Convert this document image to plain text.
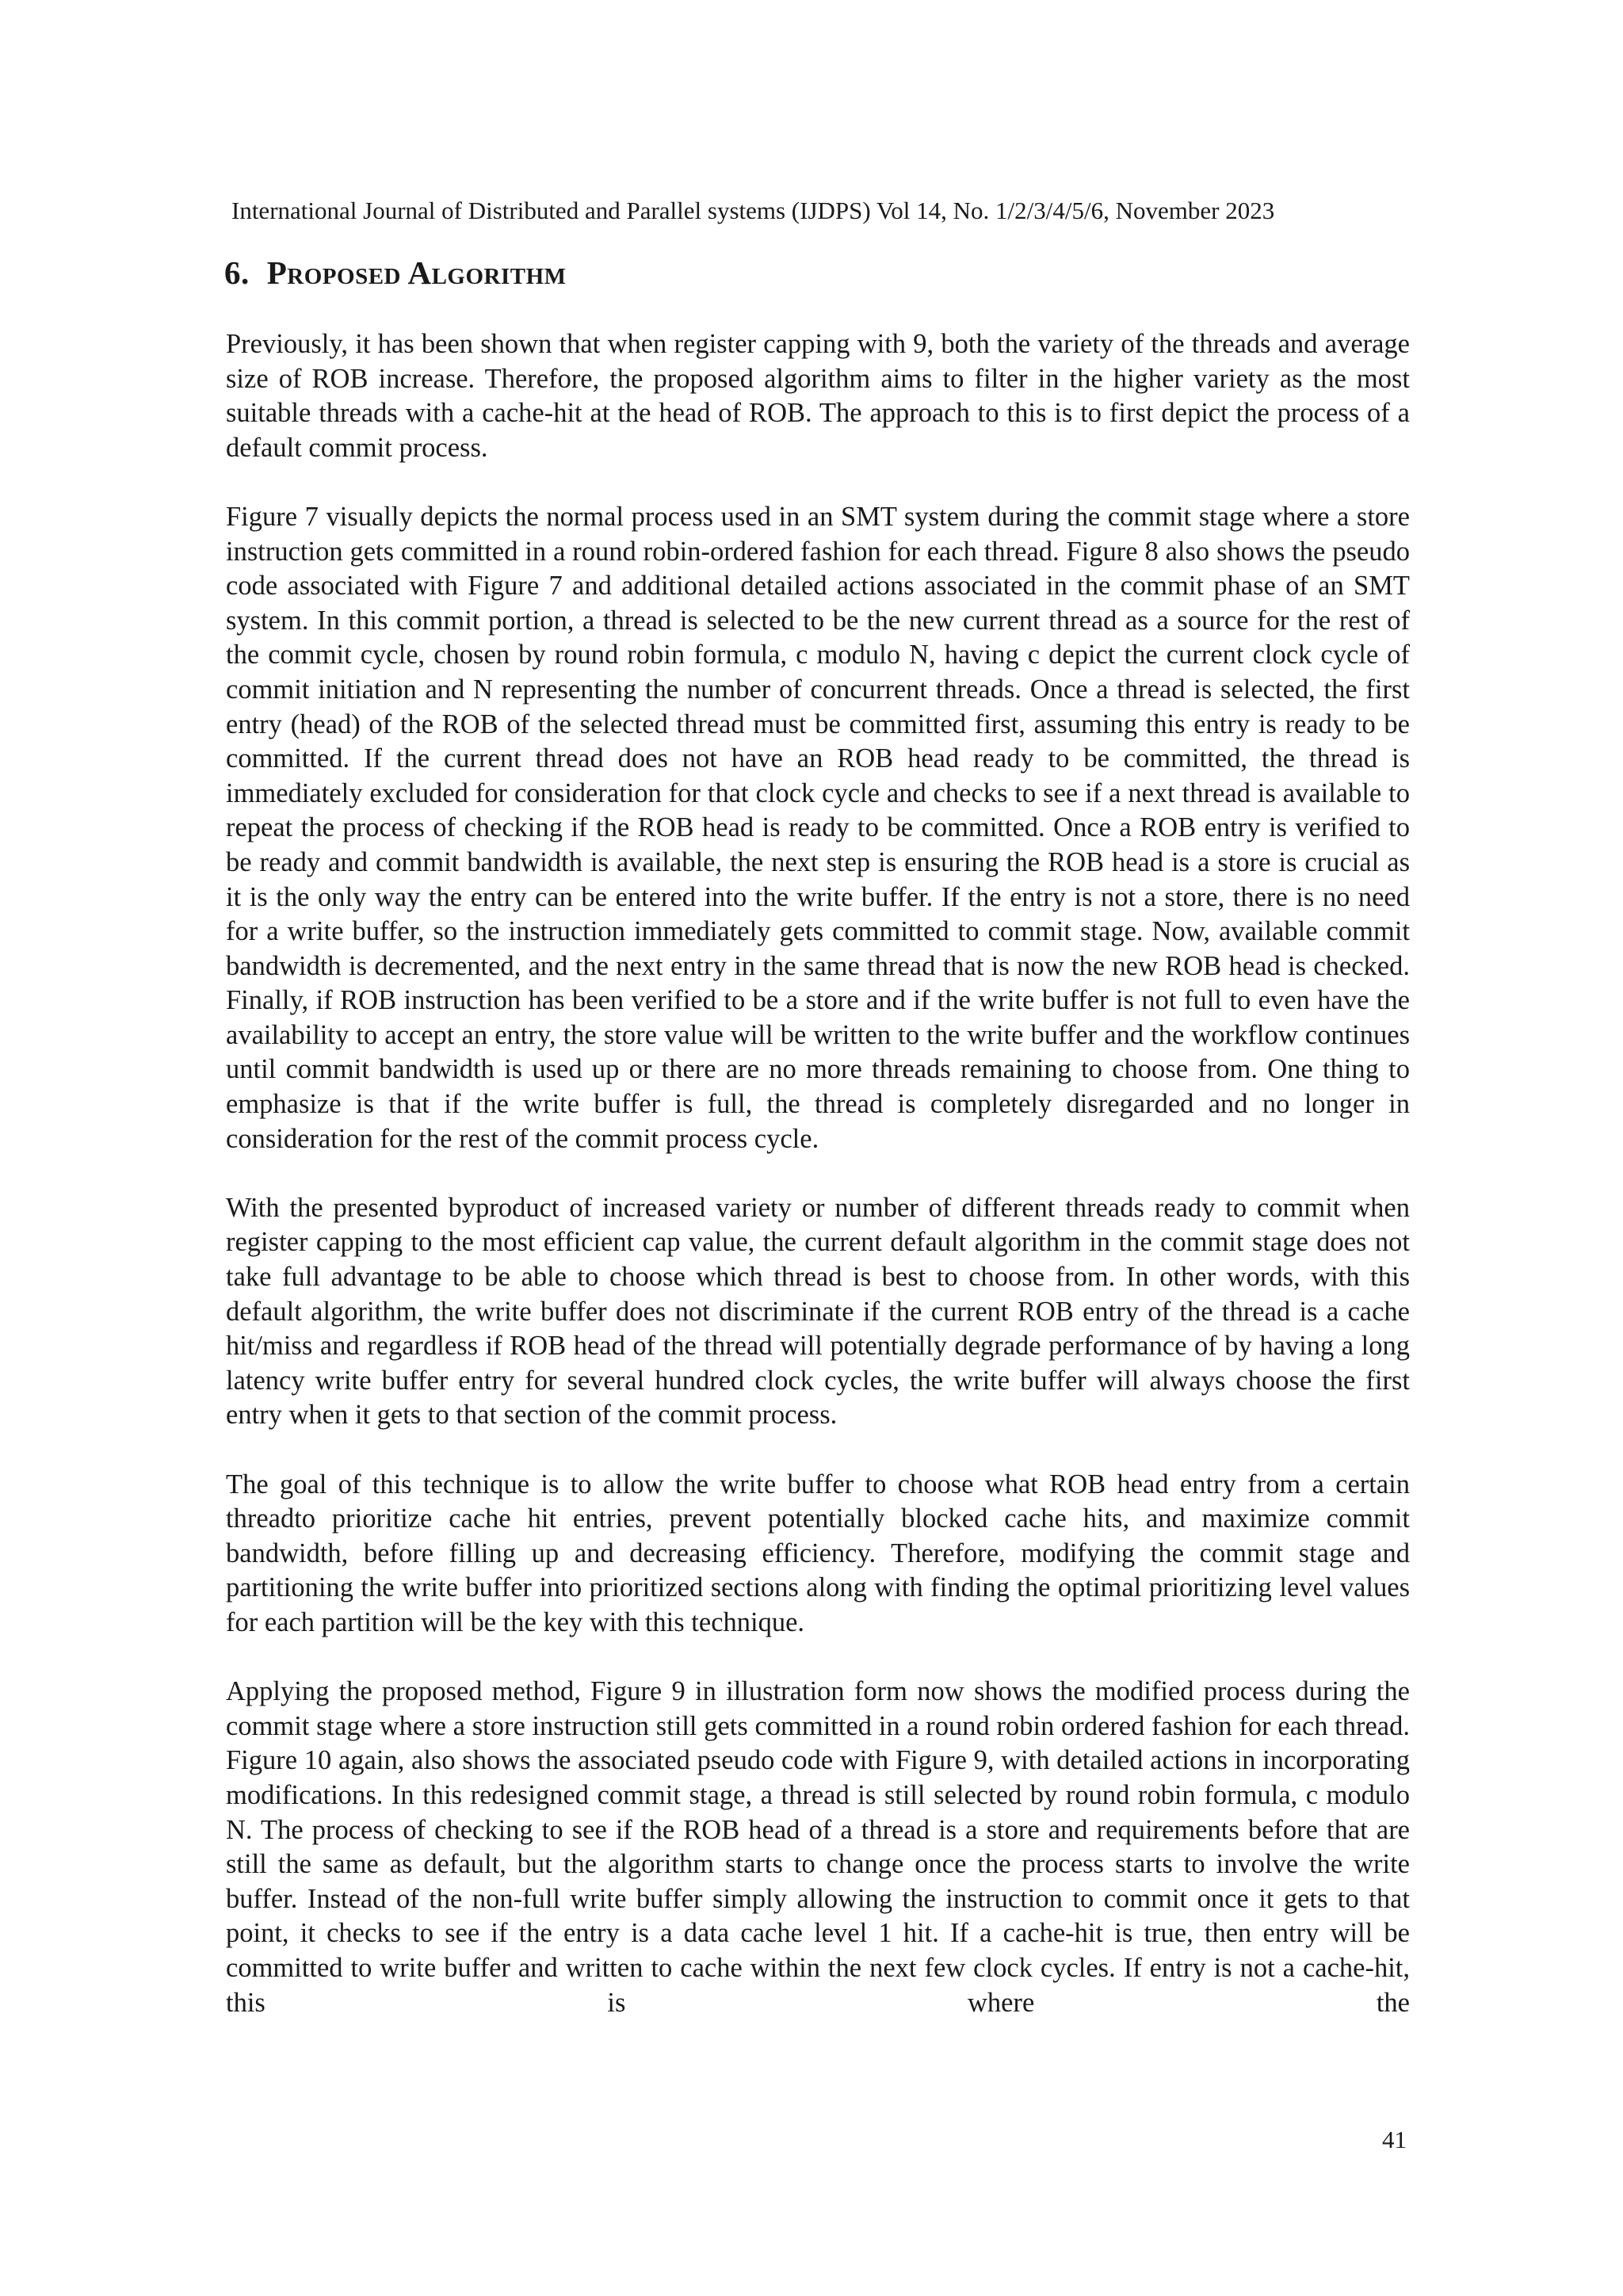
International Journal of Distributed and Parallel systems (IJDPS) Vol 14, No. 1/2/3/4/5/6, November 2023
6. Proposed Algorithm

Previously, it has been shown that when register capping with 9, both the variety of the threads and average size of ROB increase. Therefore, the proposed algorithm aims to filter in the higher variety as the most suitable threads with a cache-hit at the head of ROB. The approach to this is to first depict the process of a default commit process.

Figure 7 visually depicts the normal process used in an SMT system during the commit stage where a store instruction gets committed in a round robin-ordered fashion for each thread. Figure 8 also shows the pseudo code associated with Figure 7 and additional detailed actions associated in the commit phase of an SMT system. In this commit portion, a thread is selected to be the new current thread as a source for the rest of the commit cycle, chosen by round robin formula, c modulo N, having c depict the current clock cycle of commit initiation and N representing the number of concurrent threads. Once a thread is selected, the first entry (head) of the ROB of the selected thread must be committed first, assuming this entry is ready to be committed. If the current thread does not have an ROB head ready to be committed, the thread is immediately excluded for consideration for that clock cycle and checks to see if a next thread is available to repeat the process of checking if the ROB head is ready to be committed. Once a ROB entry is verified to be ready and commit bandwidth is available, the next step is ensuring the ROB head is a store is crucial as it is the only way the entry can be entered into the write buffer. If the entry is not a store, there is no need for a write buffer, so the instruction immediately gets committed to commit stage. Now, available commit bandwidth is decremented, and the next entry in the same thread that is now the new ROB head is checked. Finally, if ROB instruction has been verified to be a store and if the write buffer is not full to even have the availability to accept an entry, the store value will be written to the write buffer and the workflow continues until commit bandwidth is used up or there are no more threads remaining to choose from. One thing to emphasize is that if the write buffer is full, the thread is completely disregarded and no longer in consideration for the rest of the commit process cycle.

With the presented byproduct of increased variety or number of different threads ready to commit when register capping to the most efficient cap value, the current default algorithm in the commit stage does not take full advantage to be able to choose which thread is best to choose from. In other words, with this default algorithm, the write buffer does not discriminate if the current ROB entry of the thread is a cache hit/miss and regardless if ROB head of the thread will potentially degrade performance of by having a long latency write buffer entry for several hundred clock cycles, the write buffer will always choose the first entry when it gets to that section of the commit process.

The goal of this technique is to allow the write buffer to choose what ROB head entry from a certain threadto prioritize cache hit entries, prevent potentially blocked cache hits, and maximize commit bandwidth, before filling up and decreasing efficiency. Therefore, modifying the commit stage and partitioning the write buffer into prioritized sections along with finding the optimal prioritizing level values for each partition will be the key with this technique.

Applying the proposed method, Figure 9 in illustration form now shows the modified process during the commit stage where a store instruction still gets committed in a round robin ordered fashion for each thread. Figure 10 again, also shows the associated pseudo code with Figure 9, with detailed actions in incorporating modifications. In this redesigned commit stage, a thread is still selected by round robin formula, c modulo N. The process of checking to see if the ROB head of a thread is a store and requirements before that are still the same as default, but the algorithm starts to change once the process starts to involve the write buffer. Instead of the non-full write buffer simply allowing the instruction to commit once it gets to that point, it checks to see if the entry is a data cache level 1 hit. If a cache-hit is true, then entry will be committed to write buffer and written to cache within the next few clock cycles. If entry is not a cache-hit, this is where the

41
